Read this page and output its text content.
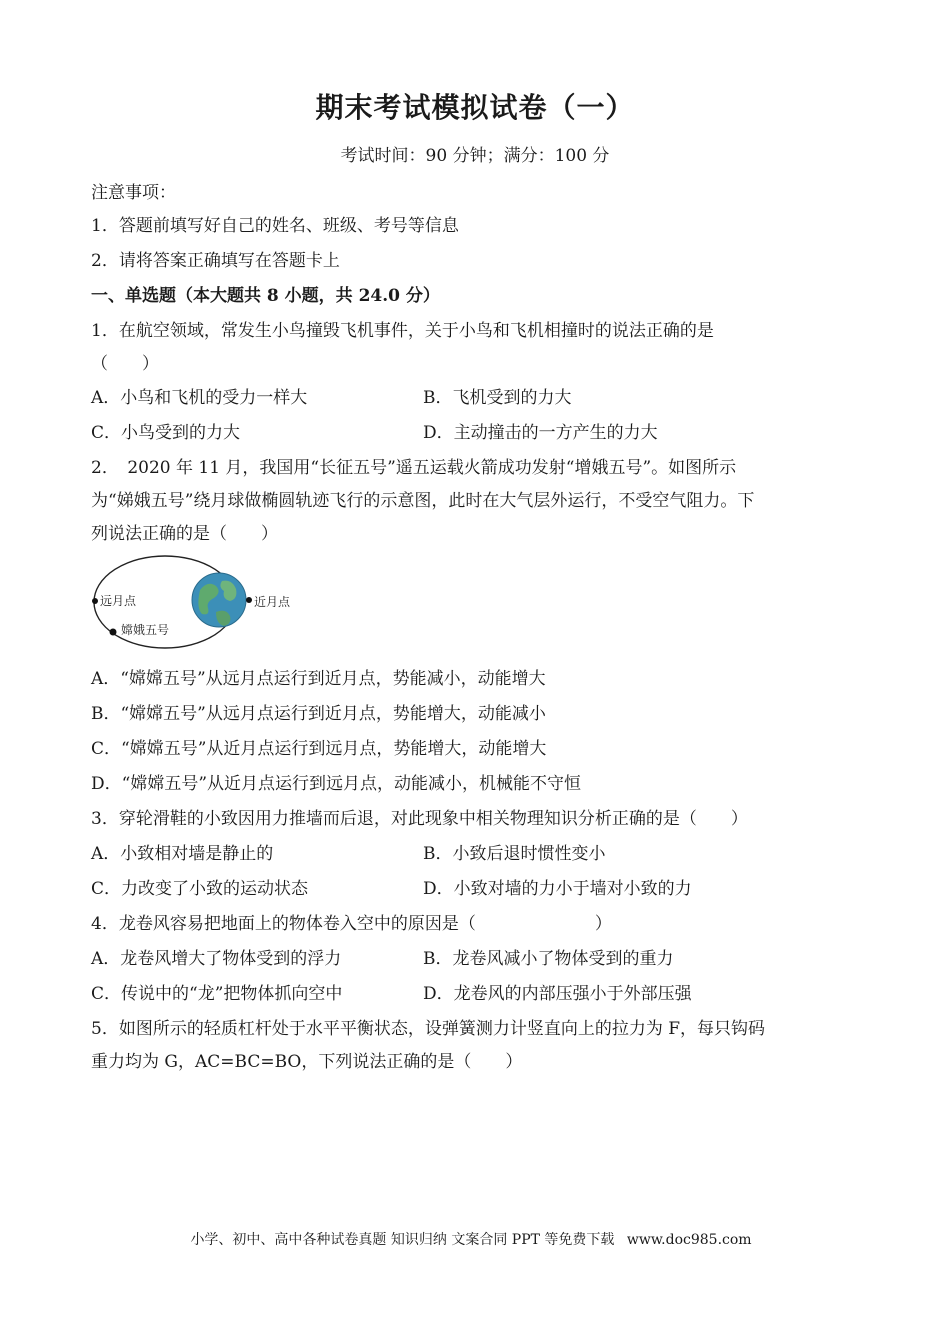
期末考试模拟试卷（一）
考试时间：90 分钟；满分：100 分
注意事项：
1．答题前填写好自己的姓名、班级、考号等信息
2．请将答案正确填写在答题卡上
一、单选题（本大题共 8 小题，共 24.0 分）
1．在航空领域，常发生小鸟撞毁飞机事件，关于小鸟和飞机相撞时的说法正确的是
（　　）
A．小鸟和飞机的受力一样大	B．飞机受到的力大
C．小鸟受到的力大	D．主动撞击的一方产生的力大
2．　2020 年 11 月，我国用“长征五号”遥五运载火箭成功发射“增娥五号”。如图所示
为“娣娥五号”绕月球做椭圆轨迹飞行的示意图，此时在大气层外运行，不受空气阻力。下
列说法正确的是（　　）
远月点	近月点
嫦娥五号
A．“嫦嫦五号”从远月点运行到近月点，势能减小，动能增大
B．“嫦嫦五号”从远月点运行到近月点，势能增大，动能减小
C．“嫦嫦五号”从近月点运行到远月点，势能增大，动能增大
D．“嫦嫦五号”从近月点运行到远月点，动能减小，机械能不守恒
3．穿轮滑鞋的小致因用力推墙而后退，对此现象中相关物理知识分析正确的是（　　）
A．小致相对墙是静止的	B．小致后退时惯性变小
C．力改变了小致的运动状态	D．小致对墙的力小于墙对小致的力
4．龙卷风容易把地面上的物体卷入空中的原因是（　　　　　　　）
A．龙卷风增大了物体受到的浮力	B．龙卷风减小了物体受到的重力
C．传说中的“龙”把物体抓向空中	D．龙卷风的内部压强小于外部压强
5．如图所示的轻质杠杆处于水平平衡状态，设弹簧测力计竖直向上的拉力为 F，每只钩码
重力均为 G，AC=BC=BO，下列说法正确的是（　　）
小学、初中、高中各种试卷真题 知识归纳 文案合同 PPT 等免费下载 www.doc985.com
